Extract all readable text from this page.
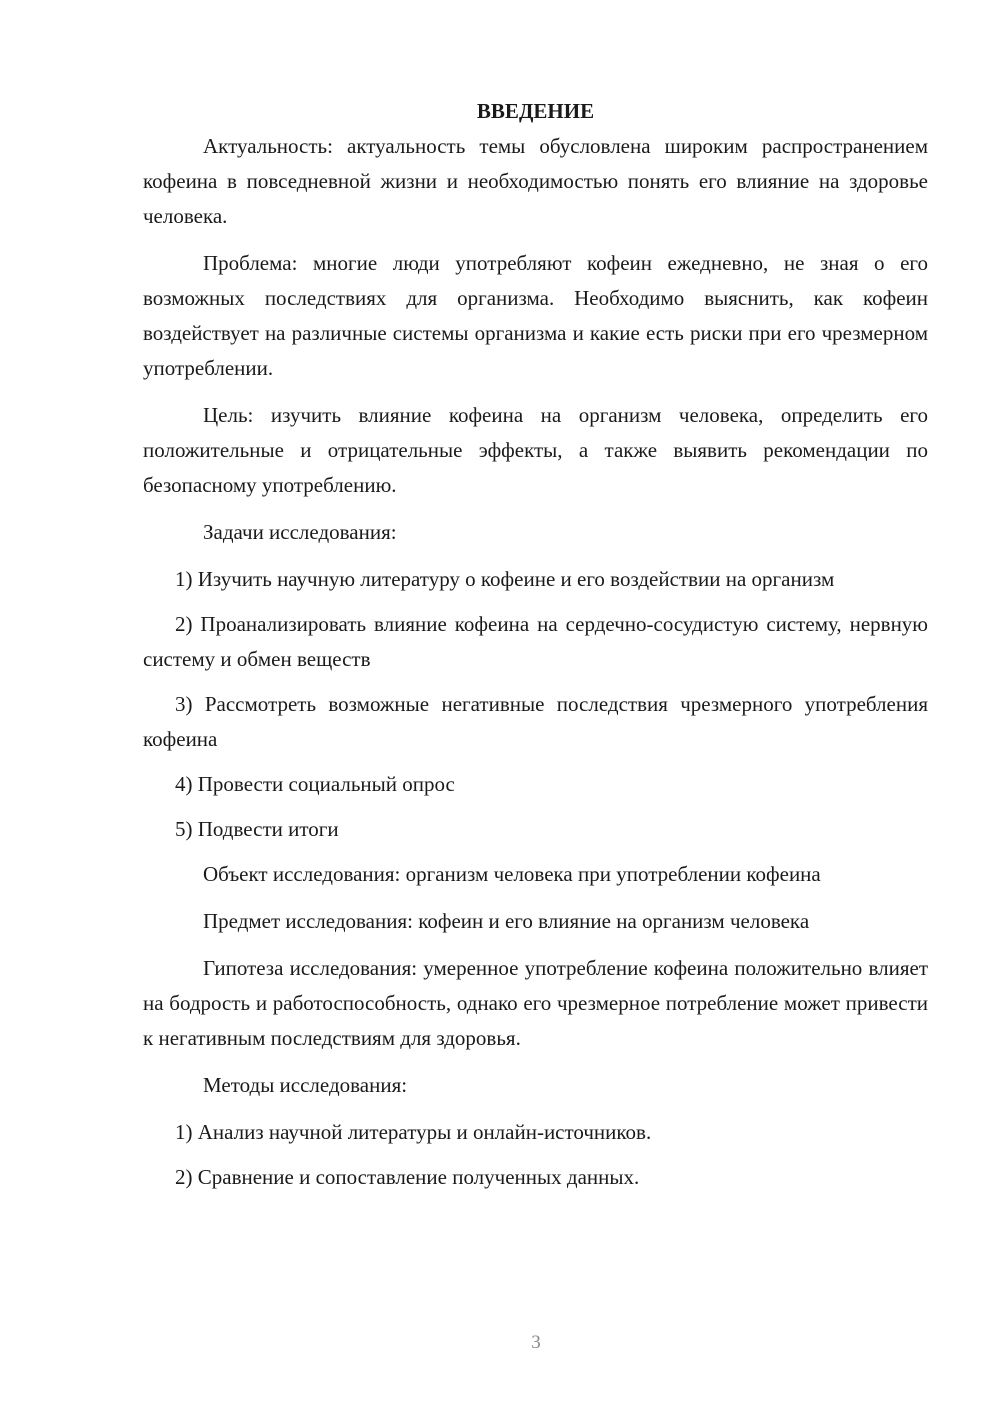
ВВЕДЕНИЕ

Актуальность: актуальность темы обусловлена широким распространением кофеина в повседневной жизни и необходимостью понять его влияние на здоровье человека.

Проблема: многие люди употребляют кофеин ежедневно, не зная о его возможных последствиях для организма. Необходимо выяснить, как кофеин воздействует на различные системы организма и какие есть риски при его чрезмерном употреблении.

Цель: изучить влияние кофеина на организм человека, определить его положительные и отрицательные эффекты, а также выявить рекомендации по безопасному употреблению.

Задачи исследования:

1) Изучить научную литературу о кофеине и его воздействии на организм

2) Проанализировать влияние кофеина на сердечно-сосудистую систему, нервную систему и обмен веществ

3) Рассмотреть возможные негативные последствия чрезмерного употребления кофеина

4) Провести социальный опрос

5) Подвести итоги

Объект исследования: организм человека при употреблении кофеина

Предмет исследования: кофеин и его влияние на организм человека

Гипотеза исследования: умеренное употребление кофеина положительно влияет на бодрость и работоспособность, однако его чрезмерное потребление может привести к негативным последствиям для здоровья.

Методы исследования:

1) Анализ научной литературы и онлайн-источников.

2) Сравнение и сопоставление полученных данных.

3
